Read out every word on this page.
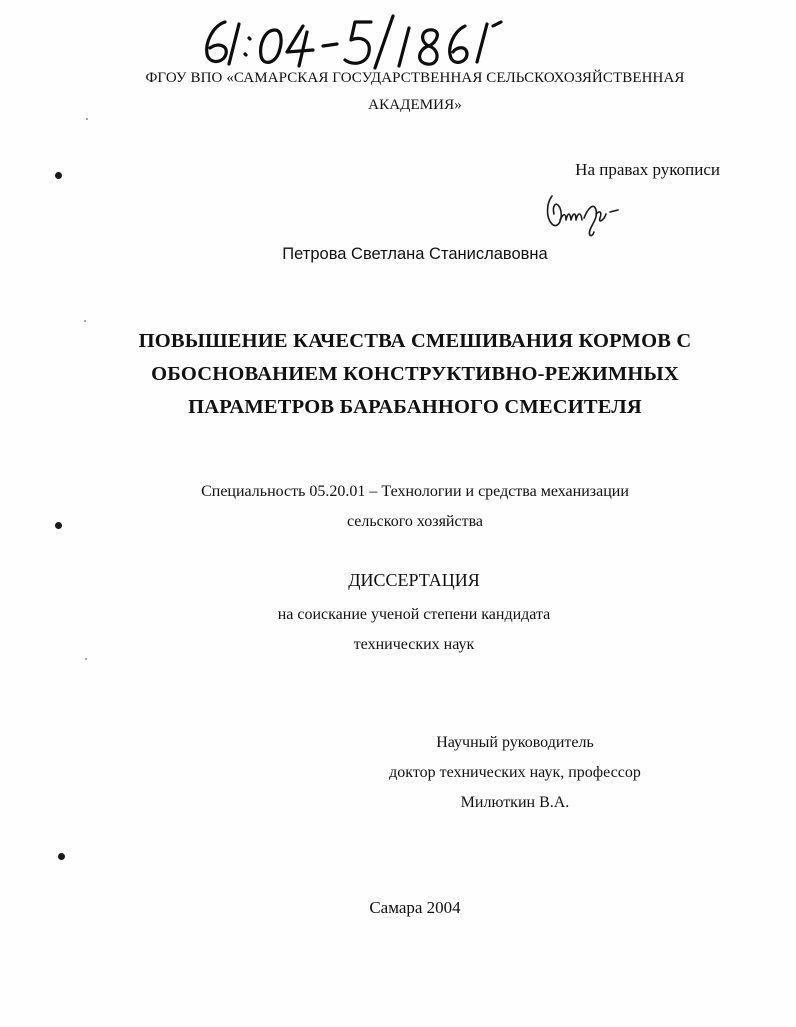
ФГОУ ВПО «САМАРСКАЯ ГОСУДАРСТВЕННАЯ СЕЛЬСКОХОЗЯЙСТВЕННАЯ
АКАДЕМИЯ»
На правах рукописи
Петрова Светлана Станиславовна
ПОВЫШЕНИЕ КАЧЕСТВА СМЕШИВАНИЯ КОРМОВ С
ОБОСНОВАНИЕМ КОНСТРУКТИВНО-РЕЖИМНЫХ
ПАРАМЕТРОВ БАРАБАННОГО СМЕСИТЕЛЯ
Специальность 05.20.01 – Технологии и средства механизации
сельского хозяйства
ДИССЕРТАЦИЯ
на соискание ученой степени кандидата
технических наук
Научный руководитель
доктор технических наук, профессор
Милюткин В.А.
Самара 2004
